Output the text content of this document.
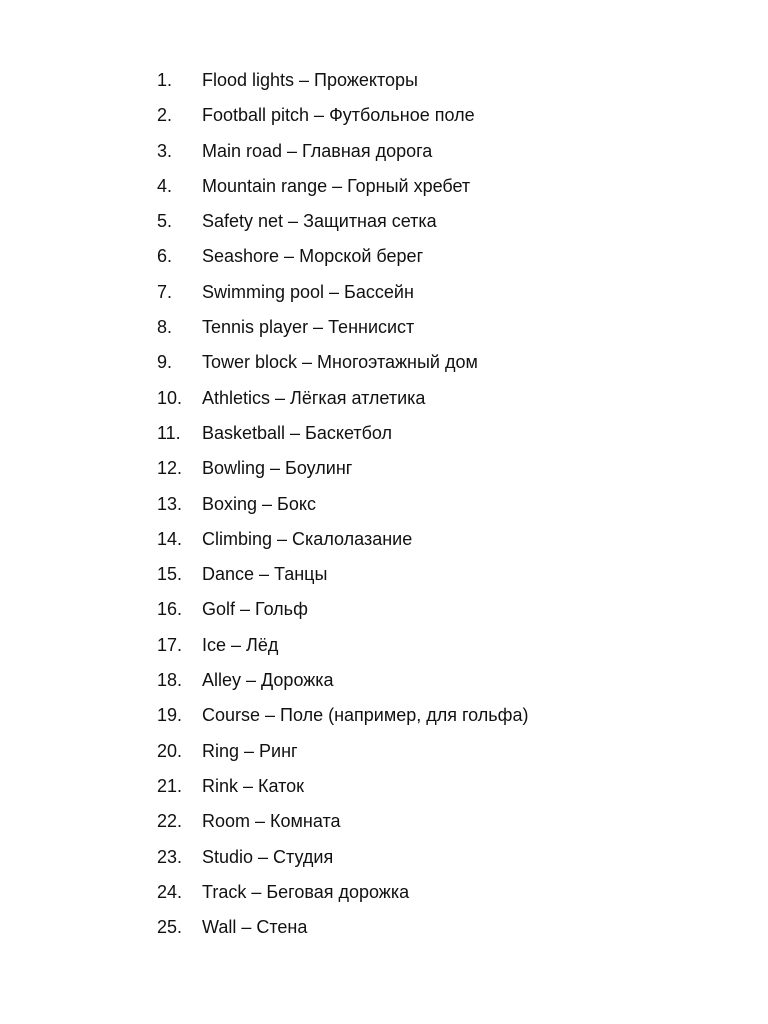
1.	Flood lights – Прожекторы
2.	Football pitch – Футбольное поле
3.	Main road – Главная дорога
4.	Mountain range – Горный хребет
5.	Safety net – Защитная сетка
6.	Seashore – Морской берег
7.	Swimming pool – Бассейн
8.	Tennis player – Теннисист
9.	Tower block – Многоэтажный дом
10.	Athletics – Лёгкая атлетика
11.	Basketball – Баскетбол
12.	Bowling – Боулинг
13.	Boxing – Бокс
14.	Climbing – Скалолазание
15.	Dance – Танцы
16.	Golf – Гольф
17.	Ice – Лёд
18.	Alley – Дорожка
19.	Course – Поле (например, для гольфа)
20.	Ring – Ринг
21.	Rink – Каток
22.	Room – Комната
23.	Studio – Студия
24.	Track – Беговая дорожка
25.	Wall – Стена
